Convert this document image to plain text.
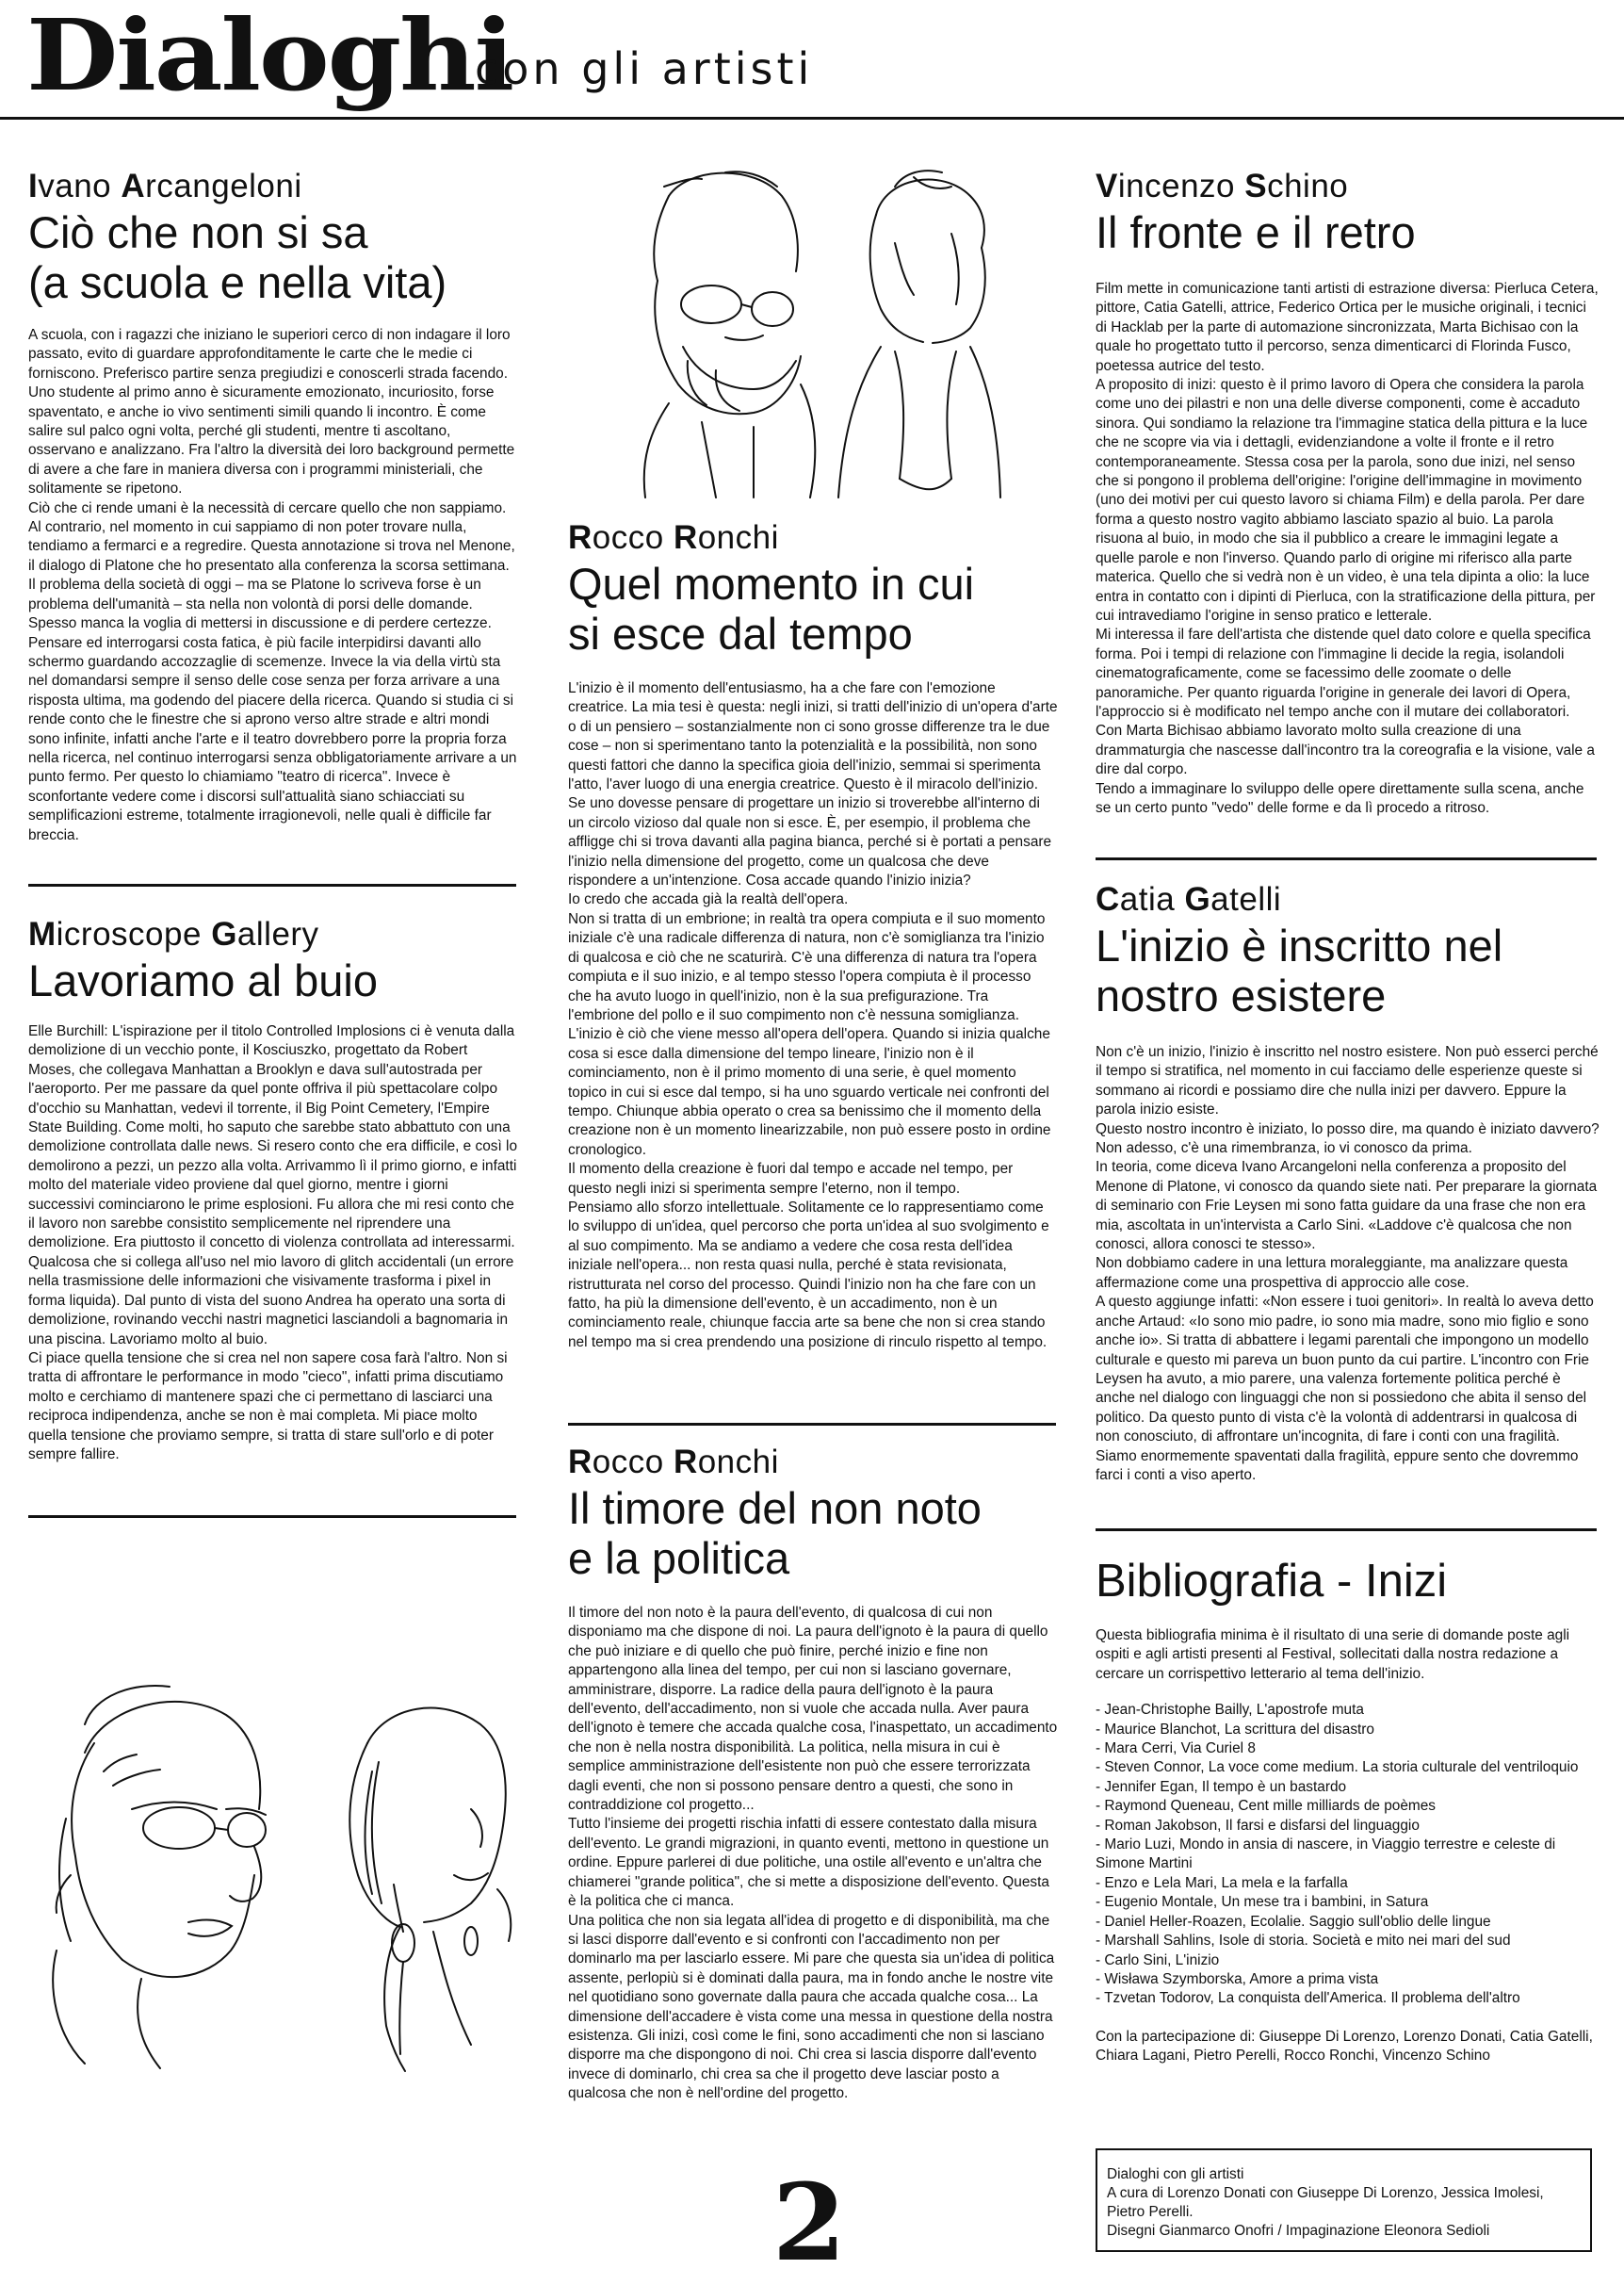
Dialoghi
con gli artisti
Ivano Arcangeloni
Ciò che non si sa
(a scuola e nella vita)
A scuola, con i ragazzi che iniziano le superiori cerco di non indagare il loro passato, evito di guardare approfonditamente le carte che le medie ci forniscono. Preferisco partire senza pregiudizi e conoscerli strada facendo. Uno studente al primo anno è sicuramente emozionato, incuriosito, forse spaventato, e anche io vivo sentimenti simili quando li incontro. È come salire sul palco ogni volta, perché gli studenti, mentre ti ascoltano, osservano e analizzano. Fra l'altro la diversità dei loro background permette di avere a che fare in maniera diversa con i programmi ministeriali, che solitamente se ripetono.
Ciò che ci rende umani è la necessità di cercare quello che non sappiamo. Al contrario, nel momento in cui sappiamo di non poter trovare nulla, tendiamo a fermarci e a regredire. Questa annotazione si trova nel Menone, il dialogo di Platone che ho presentato alla conferenza la scorsa settimana. Il problema della società di oggi – ma se Platone lo scriveva forse è un problema dell'umanità – sta nella non volontà di porsi delle domande. Spesso manca la voglia di mettersi in discussione e di perdere certezze. Pensare ed interrogarsi costa fatica, è più facile interpidirsi davanti allo schermo guardando accozzaglie di scemenze. Invece la via della virtù sta nel domandarsi sempre il senso delle cose senza per forza arrivare a una risposta ultima, ma godendo del piacere della ricerca. Quando si studia ci si rende conto che le finestre che si aprono verso altre strade e altri mondi sono infinite, infatti anche l'arte e il teatro dovrebbero porre la propria forza nella ricerca, nel continuo interrogarsi senza obbligatoriamente arrivare a un punto fermo. Per questo lo chiamiamo "teatro di ricerca". Invece è sconfortante vedere come i discorsi sull'attualità siano schiacciati su semplificazioni estreme, totalmente irragionevoli, nelle quali è difficile far breccia.
Microscope Gallery
Lavoriamo al buio
Elle Burchill: L'ispirazione per il titolo Controlled Implosions ci è venuta dalla demolizione di un vecchio ponte, il Kosciuszko, progettato da Robert Moses, che collegava Manhattan a Brooklyn e dava sull'autostrada per l'aeroporto. Per me passare da quel ponte offriva il più spettacolare colpo d'occhio su Manhattan, vedevi il torrente, il Big Point Cemetery, l'Empire State Building. Come molti, ho saputo che sarebbe stato abbattuto con una demolizione controllata dalle news. Si resero conto che era difficile, e così lo demolirono a pezzi, un pezzo alla volta. Arrivammo lì il primo giorno, e infatti molto del materiale video proviene dal quel giorno, mentre i giorni successivi cominciarono le prime esplosioni. Fu allora che mi resi conto che il lavoro non sarebbe consistito semplicemente nel riprendere una demolizione. Era piuttosto il concetto di violenza controllata ad interessarmi. Qualcosa che si collega all'uso nel mio lavoro di glitch accidentali (un errore nella trasmissione delle informazioni che visivamente trasforma i pixel in forma liquida). Dal punto di vista del suono Andrea ha operato una sorta di demolizione, rovinando vecchi nastri magnetici lasciandoli a bagnomaria in una piscina. Lavoriamo molto al buio.
Ci piace quella tensione che si crea nel non sapere cosa farà l'altro. Non si tratta di affrontare le performance in modo "cieco", infatti prima discutiamo molto e cerchiamo di mantenere spazi che ci permettano di lasciarci una reciproca indipendenza, anche se non è mai completa. Mi piace molto quella tensione che proviamo sempre, si tratta di stare sull'orlo e di poter sempre fallire.
Rocco Ronchi
Quel momento in cui
si esce dal tempo
L'inizio è il momento dell'entusiasmo, ha a che fare con l'emozione creatrice. La mia tesi è questa: negli inizi, si tratti dell'inizio di un'opera d'arte o di un pensiero – sostanzialmente non ci sono grosse differenze tra le due cose – non si sperimentano tanto la potenzialità e la possibilità, non sono questi fattori che danno la specifica gioia dell'inizio, semmai si sperimenta l'atto, l'aver luogo di una energia creatrice. Questo è il miracolo dell'inizio.
Se uno dovesse pensare di progettare un inizio si troverebbe all'interno di un circolo vizioso dal quale non si esce. È, per esempio, il problema che affligge chi si trova davanti alla pagina bianca, perché si è portati a pensare l'inizio nella dimensione del progetto, come un qualcosa che deve rispondere a un'intenzione. Cosa accade quando l'inizio inizia?
Io credo che accada già la realtà dell'opera.
Non si tratta di un embrione; in realtà tra opera compiuta e il suo momento iniziale c'è una radicale differenza di natura, non c'è somiglianza tra l'inizio di qualcosa e ciò che ne scaturirà. C'è una differenza di natura tra l'opera compiuta e il suo inizio, e al tempo stesso l'opera compiuta è il processo che ha avuto luogo in quell'inizio, non è la sua prefigurazione. Tra l'embrione del pollo e il suo compimento non c'è nessuna somiglianza. L'inizio è ciò che viene messo all'opera dell'opera. Quando si inizia qualche cosa si esce dalla dimensione del tempo lineare, l'inizio non è il cominciamento, non è il primo momento di una serie, è quel momento topico in cui si esce dal tempo, si ha uno sguardo verticale nei confronti del tempo. Chiunque abbia operato o crea sa benissimo che il momento della creazione non è un momento linearizzabile, non può essere posto in ordine cronologico.
Il momento della creazione è fuori dal tempo e accade nel tempo, per questo negli inizi si sperimenta sempre l'eterno, non il tempo.
Pensiamo allo sforzo intellettuale. Solitamente ce lo rappresentiamo come lo sviluppo di un'idea, quel percorso che porta un'idea al suo svolgimento e al suo compimento. Ma se andiamo a vedere che cosa resta dell'idea iniziale nell'opera... non resta quasi nulla, perché è stata revisionata, ristrutturata nel corso del processo. Quindi l'inizio non ha che fare con un fatto, ha più la dimensione dell'evento, è un accadimento, non è un cominciamento reale, chiunque faccia arte sa bene che non si crea stando nel tempo ma si crea prendendo una posizione di rinculo rispetto al tempo.
Rocco Ronchi
Il timore del non noto
e la politica
Il timore del non noto è la paura dell'evento, di qualcosa di cui non disponiamo ma che dispone di noi. La paura dell'ignoto è la paura di quello che può iniziare e di quello che può finire, perché inizio e fine non appartengono alla linea del tempo, per cui non si lasciano governare, amministrare, disporre. La radice della paura dell'ignoto è la paura dell'evento, dell'accadimento, non si vuole che accada nulla. Aver paura dell'ignoto è temere che accada qualche cosa, l'inaspettato, un accadimento che non è nella nostra disponibilità. La politica, nella misura in cui è semplice amministrazione dell'esistente non può che essere terrorizzata dagli eventi, che non si possono pensare dentro a questi, che sono in contraddizione col progetto...
Tutto l'insieme dei progetti rischia infatti di essere contestato dalla misura dell'evento. Le grandi migrazioni, in quanto eventi, mettono in questione un ordine. Eppure parlerei di due politiche, una ostile all'evento e un'altra che chiamerei "grande politica", che si mette a disposizione dell'evento. Questa è la politica che ci manca.
Una politica che non sia legata all'idea di progetto e di disponibilità, ma che si lasci disporre dall'evento e si confronti con l'accadimento non per dominarlo ma per lasciarlo essere. Mi pare che questa sia un'idea di politica assente, perlopiù si è dominati dalla paura, ma in fondo anche le nostre vite nel quotidiano sono governate dalla paura che accada qualche cosa... La dimensione dell'accadere è vista come una messa in questione della nostra esistenza. Gli inizi, così come le fini, sono accadimenti che non si lasciano disporre ma che dispongono di noi. Chi crea si lascia disporre dall'evento invece di dominarlo, chi crea sa che il progetto deve lasciar posto a qualcosa che non è nell'ordine del progetto.
2
Vincenzo Schino
Il fronte e il retro
Film mette in comunicazione tanti artisti di estrazione diversa: Pierluca Cetera, pittore, Catia Gatelli, attrice, Federico Ortica per le musiche originali, i tecnici di Hacklab per la parte di automazione sincronizzata, Marta Bichisao con la quale ho progettato tutto il percorso, senza dimenticarci di Florinda Fusco, poetessa autrice del testo.
A proposito di inizi: questo è il primo lavoro di Opera che considera la parola come uno dei pilastri e non una delle diverse componenti, come è accaduto sinora. Qui sondiamo la relazione tra l'immagine statica della pittura e la luce che ne scopre via via i dettagli, evidenziandone a volte il fronte e il retro contemporaneamente. Stessa cosa per la parola, sono due inizi, nel senso che si pongono il problema dell'origine: l'origine dell'immagine in movimento (uno dei motivi per cui questo lavoro si chiama Film) e della parola. Per dare forma a questo nostro vagito abbiamo lasciato spazio al buio. La parola risuona al buio, in modo che sia il pubblico a creare le immagini legate a quelle parole e non l'inverso. Quando parlo di origine mi riferisco alla parte materica. Quello che si vedrà non è un video, è una tela dipinta a olio: la luce entra in contatto con i dipinti di Pierluca, con la stratificazione della pittura, per cui intravediamo l'origine in senso pratico e letterale.
Mi interessa il fare dell'artista che distende quel dato colore e quella specifica forma. Poi i tempi di relazione con l'immagine li decide la regia, isolandoli cinematograficamente, come se facessimo delle zoomate o delle panoramiche. Per quanto riguarda l'origine in generale dei lavori di Opera, l'approccio si è modificato nel tempo anche con il mutare dei collaboratori. Con Marta Bichisao abbiamo lavorato molto sulla creazione di una drammaturgia che nascesse dall'incontro tra la coreografia e la visione, vale a dire dal corpo.
Tendo a immaginare lo sviluppo delle opere direttamente sulla scena, anche se un certo punto "vedo" delle forme e da lì procedo a ritroso.
Catia Gatelli
L'inizio è inscritto nel
nostro esistere
Non c'è un inizio, l'inizio è inscritto nel nostro esistere. Non può esserci perché il tempo si stratifica, nel momento in cui facciamo delle esperienze queste si sommano ai ricordi e possiamo dire che nulla inizi per davvero. Eppure la parola inizio esiste.
Questo nostro incontro è iniziato, lo posso dire, ma quando è iniziato davvero? Non adesso, c'è una rimembranza, io vi conosco da prima.
In teoria, come diceva Ivano Arcangeloni nella conferenza a proposito del Menone di Platone, vi conosco da quando siete nati. Per preparare la giornata di seminario con Frie Leysen mi sono fatta guidare da una frase che non era mia, ascoltata in un'intervista a Carlo Sini. «Laddove c'è qualcosa che non conosci, allora conosci te stesso».
Non dobbiamo cadere in una lettura moraleggiante, ma analizzare questa affermazione come una prospettiva di approccio alle cose.
A questo aggiunge infatti: «Non essere i tuoi genitori». In realtà lo aveva detto anche Artaud: «Io sono mio padre, io sono mia madre, sono mio figlio e sono anche io». Si tratta di abbattere i legami parentali che impongono un modello culturale e questo mi pareva un buon punto da cui partire. L'incontro con Frie Leysen ha avuto, a mio parere, una valenza fortemente politica perché è anche nel dialogo con linguaggi che non si possiedono che abita il senso del politico. Da questo punto di vista c'è la volontà di addentrarsi in qualcosa di non conosciuto, di affrontare un'incognita, di fare i conti con una fragilità. Siamo enormemente spaventati dalla fragilità, eppure sento che dovremmo farci i conti a viso aperto.
Bibliografia - Inizi
Questa bibliografia minima è il risultato di una serie di domande poste agli ospiti e agli artisti presenti al Festival, sollecitati dalla nostra redazione a cercare un corrispettivo letterario al tema dell'inizio.
- Jean-Christophe Bailly, L'apostrofe muta
- Maurice Blanchot, La scrittura del disastro
- Mara Cerri, Via Curiel 8
- Steven Connor, La voce come medium. La storia culturale del ventriloquio
- Jennifer Egan, Il tempo è un bastardo
- Raymond Queneau, Cent mille milliards de poèmes
- Roman Jakobson, Il farsi e disfarsi del linguaggio
- Mario Luzi, Mondo in ansia di nascere, in Viaggio terrestre e celeste di Simone Martini
- Enzo e Lela Mari, La mela e la farfalla
- Eugenio Montale, Un mese tra i bambini, in Satura
- Daniel Heller-Roazen, Ecolalie. Saggio sull'oblio delle lingue
- Marshall Sahlins, Isole di storia. Società e mito nei mari del sud
- Carlo Sini, L'inizio
- Wisława Szymborska, Amore a prima vista
- Tzvetan Todorov, La conquista dell'America. Il problema dell'altro
Con la partecipazione di: Giuseppe Di Lorenzo, Lorenzo Donati, Catia Gatelli, Chiara Lagani, Pietro Perelli, Rocco Ronchi, Vincenzo Schino
Dialoghi con gli artisti
A cura di Lorenzo Donati con Giuseppe Di Lorenzo, Jessica Imolesi, Pietro Perelli.
Disegni Gianmarco Onofri / Impaginazione Eleonora Sedioli
